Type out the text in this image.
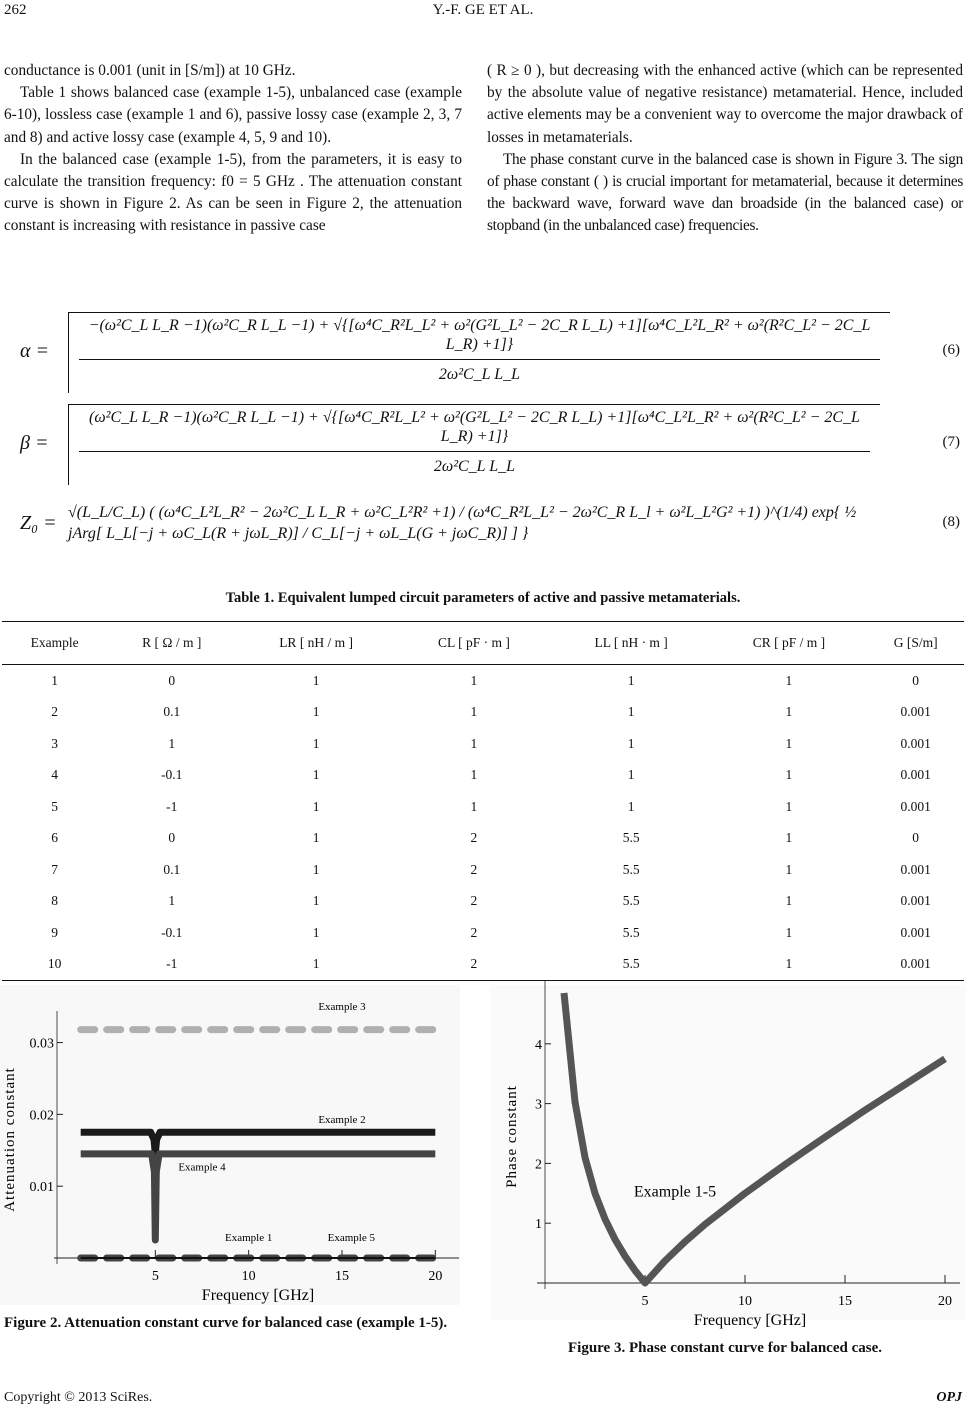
262	Y.-F. GE ET AL.

conductance is 0.001 (unit in [S/m]) at 10 GHz.

Table 1 shows balanced case (example 1-5), unbalanced case (example 6-10), lossless case (example 1 and 6), passive lossy case (example 2, 3, 7 and 8) and active lossy case (example 4, 5, 9 and 10).

In the balanced case (example 1-5), from the parameters, it is easy to calculate the transition frequency: f0 = 5 GHz . The attenuation constant curve is shown in Figure 2. As can be seen in Figure 2, the attenuation constant is increasing with resistance in passive case

( R ≥ 0 ), but decreasing with the enhanced active (which can be represented by the absolute value of negative resistance) metamaterial. Hence, included active elements may be a convenient way to overcome the major drawback of losses in metamaterials.

The phase constant curve in the balanced case is shown in Figure 3. The sign of phase constant ( ) is crucial important for metamaterial, because it determines the backward wave, forward wave dan broadside (in the balanced case) or stopband (in the unbalanced case) frequencies.

α =
−(ω²C_L L_R −1)(ω²C_R L_L −1) + √{[ω⁴C_R²L_L² + ω²(G²L_L² − 2C_R L_L) +1][ω⁴C_L²L_R² + ω²(R²C_L² − 2C_L L_R) +1]}
2ω²C_L L_L
(6)
β =
(ω²C_L L_R −1)(ω²C_R L_L −1) + √{[ω⁴C_R²L_L² + ω²(G²L_L² − 2C_R L_L) +1][ω⁴C_L²L_R² + ω²(R²C_L² − 2C_L L_R) +1]}
2ω²C_L L_L
(7)
Z₀ = √(L_L/C_L) ( (ω⁴C_L²L_R² − 2ω²C_L L_R + ω²C_L²R² +1) / (ω⁴C_R²L_L² − 2ω²C_R L_l + ω²L_L²G² +1) )^(1/4) exp{ ½ jArg[ L_L[−j + ωC_L(R + jωL_R)] / C_L[−j + ωL_L(G + jωC_R)] ] }
(8)
Table 1. Equivalent lumped circuit parameters of active and passive metamaterials.
Example	R [ Ω / m ]	LR [ nH / m ]	CL [ pF · m ]	LL [ nH · m ]	CR [ pF / m ]	G [S/m]
1	0	1	1	1	1	0
2	0.1	1	1	1	1	0.001
3	1	1	1	1	1	0.001
4	-0.1	1	1	1	1	0.001
5	-1	1	1	1	1	0.001
6	0	1	2	5.5	1	0
7	0.1	1	2	5.5	1	0.001
8	1	1	2	5.5	1	0.001
9	-0.1	1	2	5.5	1	0.001
10	-1	1	2	5.5	1	0.001
5	10	15	20
0.01
0.02
0.03
Frequency [GHz]
Attenuation constant
Example 3
Example 2
Example 4
Example 1	Example 5
5	10	15	20
1
2
3
4
Frequency [GHz]
Phase constant
Example 1-5
Figure 2. Attenuation constant curve for balanced case (example 1-5).
Figure 3. Phase constant curve for balanced case.
Copyright © 2013 SciRes.	OPJ
